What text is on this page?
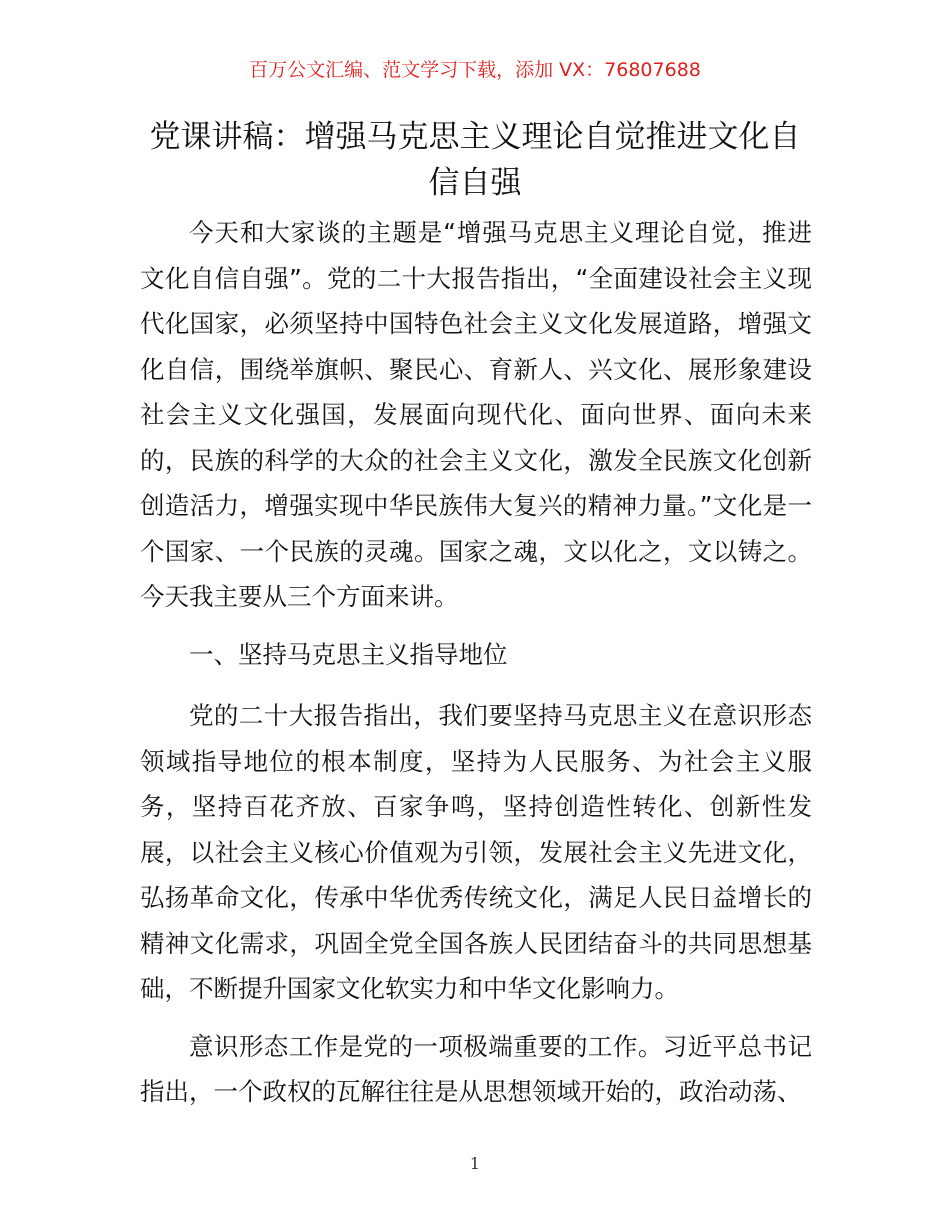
百万公文汇编、范文学习下载，添加 VX：76807688
党课讲稿：增强马克思主义理论自觉推进文化自信自强

今天和大家谈的主题是“增强马克思主义理论自觉，推进文化自信自强”。党的二十大报告指出，“全面建设社会主义现代化国家，必须坚持中国特色社会主义文化发展道路，增强文化自信，围绕举旗帜、聚民心、育新人、兴文化、展形象建设社会主义文化强国，发展面向现代化、面向世界、面向未来的，民族的科学的大众的社会主义文化，激发全民族文化创新创造活力，增强实现中华民族伟大复兴的精神力量。”文化是一个国家、一个民族的灵魂。国家之魂，文以化之，文以铸之。今天我主要从三个方面来讲。

一、坚持马克思主义指导地位

党的二十大报告指出，我们要坚持马克思主义在意识形态领域指导地位的根本制度，坚持为人民服务、为社会主义服务，坚持百花齐放、百家争鸣，坚持创造性转化、创新性发展，以社会主义核心价值观为引领，发展社会主义先进文化，弘扬革命文化，传承中华优秀传统文化，满足人民日益增长的精神文化需求，巩固全党全国各族人民团结奋斗的共同思想基础，不断提升国家文化软实力和中华文化影响力。

意识形态工作是党的一项极端重要的工作。习近平总书记指出，一个政权的瓦解往往是从思想领域开始的，政治动荡、

1
